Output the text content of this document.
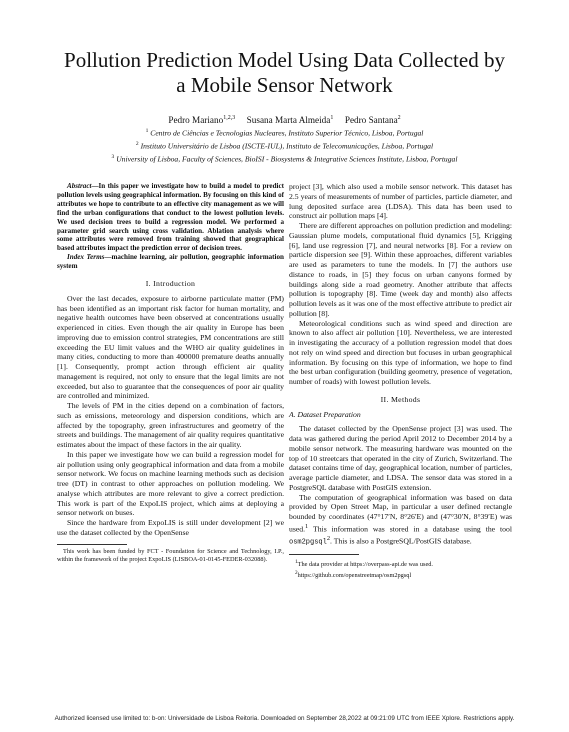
Pollution Prediction Model Using Data Collected by
a Mobile Sensor Network
Pedro Mariano$^{1,2,3}$ Susana Marta Almeida$^1$ Pedro Santana$^2$
$^1$ Centro de Ciências e Tecnologias Nucleares, Instituto Superior Técnico, Lisboa, Portugal
$^2$ Instituto Universitário de Lisboa (ISCTE-IUL), Instituto de Telecomunicações, Lisboa, Portugal
$^3$ University of Lisboa, Faculty of Sciences, BioISI - Biosystems & Integrative Sciences Institute, Lisboa, Portugal

Abstract—In this paper we investigate how to build a model to predict pollution levels using geographical information. By focusing on this kind of attributes we hope to contribute to an effective city management as we will find the urban configurations that conduct to the lowest pollution levels. We used decision trees to build a regression model. We performed a parameter grid search using cross validation. Ablation analysis where some attributes were removed from training showed that geographical based attributes impact the prediction error of decision trees.

Index Terms—machine learning, air pollution, geographic information system

I. Introduction

Over the last decades, exposure to airborne particulate matter (PM) has been identified as an important risk factor for human mortality, and negative health outcomes have been observed at concentrations usually experienced in cities. Even though the air quality in Europe has been improving due to emission control strategies, PM concentrations are still exceeding the EU limit values and the WHO air quality guidelines in many cities, conducting to more than 400000 premature deaths annually [1]. Consequently, prompt action through efficient air quality management is required, not only to ensure that the legal limits are not exceeded, but also to guarantee that the consequences of poor air quality are controlled and minimized.

The levels of PM in the cities depend on a combination of factors, such as emissions, meteorology and dispersion conditions, which are affected by the topography, green infrastructures and geometry of the streets and buildings. The management of air quality requires quantitative estimates about the impact of these factors in the air quality.

In this paper we investigate how we can build a regression model for air pollution using only geographical information and data from a mobile sensor network. We focus on machine learning methods such as decision tree (DT) in contrast to other approaches on pollution modeling. We analyse which attributes are more relevant to give a correct prediction. This work is part of the ExpoLIS project, which aims at deploying a sensor network on buses.

Since the hardware from ExpoLIS is still under development [2] we use the dataset collected by the OpenSense

This work has been funded by FCT - Foundation for Science and Technology, I.P., within the framework of the project ExpoLIS (LISBOA-01-0145-FEDER-032088).

project [3], which also used a mobile sensor network. This dataset has 2.5 years of measurements of number of particles, particle diameter, and lung deposited surface area (LDSA). This data has been used to construct air pollution maps [4].

There are different approaches on pollution prediction and modeling: Gaussian plume models, computational fluid dynamics [5], Krigging [6], land use regression [7], and neural networks [8]. For a review on particle dispersion see [9]. Within these approaches, different variables are used as parameters to tune the models. In [7] the authors use distance to roads, in [5] they focus on urban canyons formed by buildings along side a road geometry. Another attribute that affects pollution is topography [8]. Time (week day and month) also affects pollution levels as it was one of the most effective attribute to predict air pollution [8].

Meteorological conditions such as wind speed and direction are known to also affect air pollution [10]. Nevertheless, we are interested in investigating the accuracy of a pollution regression model that does not rely on wind speed and direction but focuses in urban geographical information. By focusing on this type of information, we hope to find the best urban configuration (building geometry, presence of vegetation, number of roads) with lowest pollution levels.

II. Methods
A. Dataset Preparation

The dataset collected by the OpenSense project [3] was used. The data was gathered during the period April 2012 to December 2014 by a mobile sensor network. The measuring hardware was mounted on the top of 10 streetcars that operated in the city of Zurich, Switzerland. The dataset contains time of day, geographical location, number of particles, average particle diameter, and LDSA. The sensor data was stored in a PostgreSQL database with PostGIS extension.

The computation of geographical information was based on data provided by Open Street Map, in particular a user defined rectangle bounded by coordinates (47°17′N, 8°26′E) and (47°30′N, 8°39′E) was used.$^1$ This information was stored in a database using the tool osm2pgsql$^2$. This is also a PostgreSQL/PostGIS database.

$^1$The data provider at https://overpass-api.de was used.

$^2$https://github.com/openstreetmap/osm2pgsql

Authorized licensed use limited to: b-on: Universidade de Lisboa Reitoria. Downloaded on September 28,2022 at 09:21:09 UTC from IEEE Xplore. Restrictions apply.
